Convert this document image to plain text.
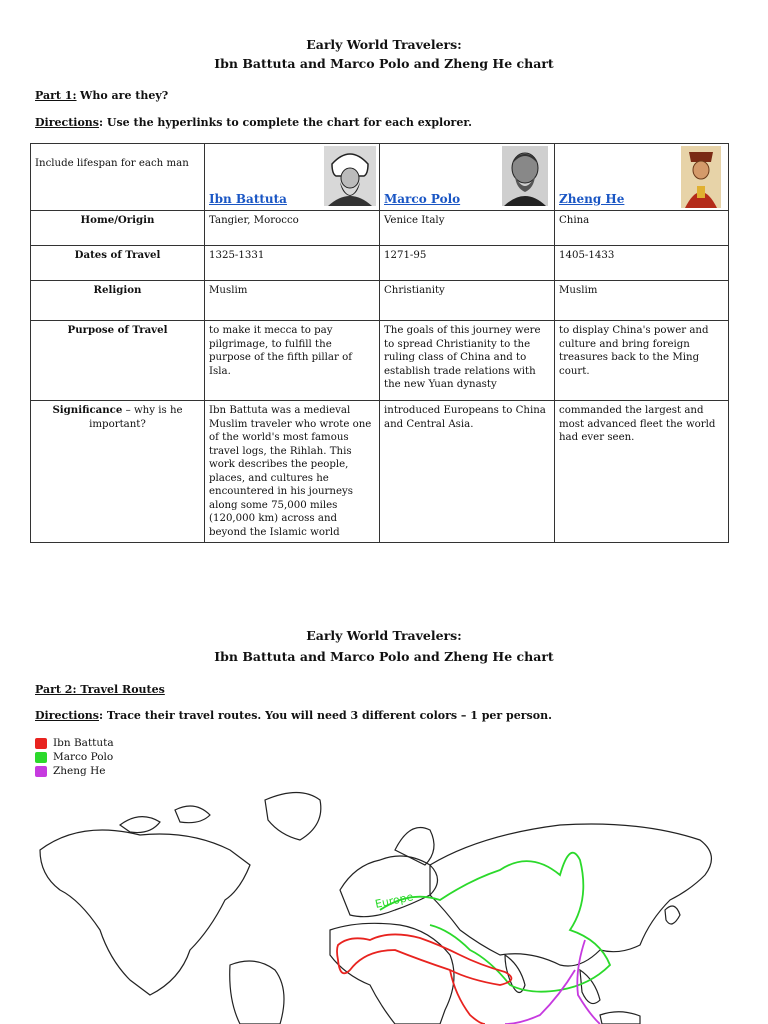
Early World Travelers:
Ibn Battuta and Marco Polo and Zheng He chart
Part 1: Who are they?
Directions: Use the hyperlinks to complete the chart for each explorer.
Include lifespan for each man	Ibn Battuta	Marco Polo	Zheng He

Home/Origin	Tangier, Morocco	Venice Italy	China
Dates of Travel	1325-1331	1271-95	1405-1433
Religion	Muslim	Christianity	Muslim
Purpose of Travel	to make it mecca to pay pilgrimage, to fulfill the purpose of the fifth pillar of Isla.	The goals of this journey were to spread Christianity to the ruling class of China and to establish trade relations with the new Yuan dynasty	to display China's power and culture and bring foreign treasures back to the Ming court.
Significance – why is he important?	Ibn Battuta was a medieval Muslim traveler who wrote one of the world's most famous travel logs, the Rihlah. This work describes the people, places, and cultures he encountered in his journeys along some 75,000 miles (120,000 km) across and beyond the Islamic world	introduced Europeans to China and Central Asia.	commanded the largest and most advanced fleet the world had ever seen.
Early World Travelers:
Ibn Battuta and Marco Polo and Zheng He chart
Part 2: Travel Routes
Directions: Trace their travel routes. You will need 3 different colors – 1 per person.
Ibn Battuta
Marco Polo
Zheng He
Europe
